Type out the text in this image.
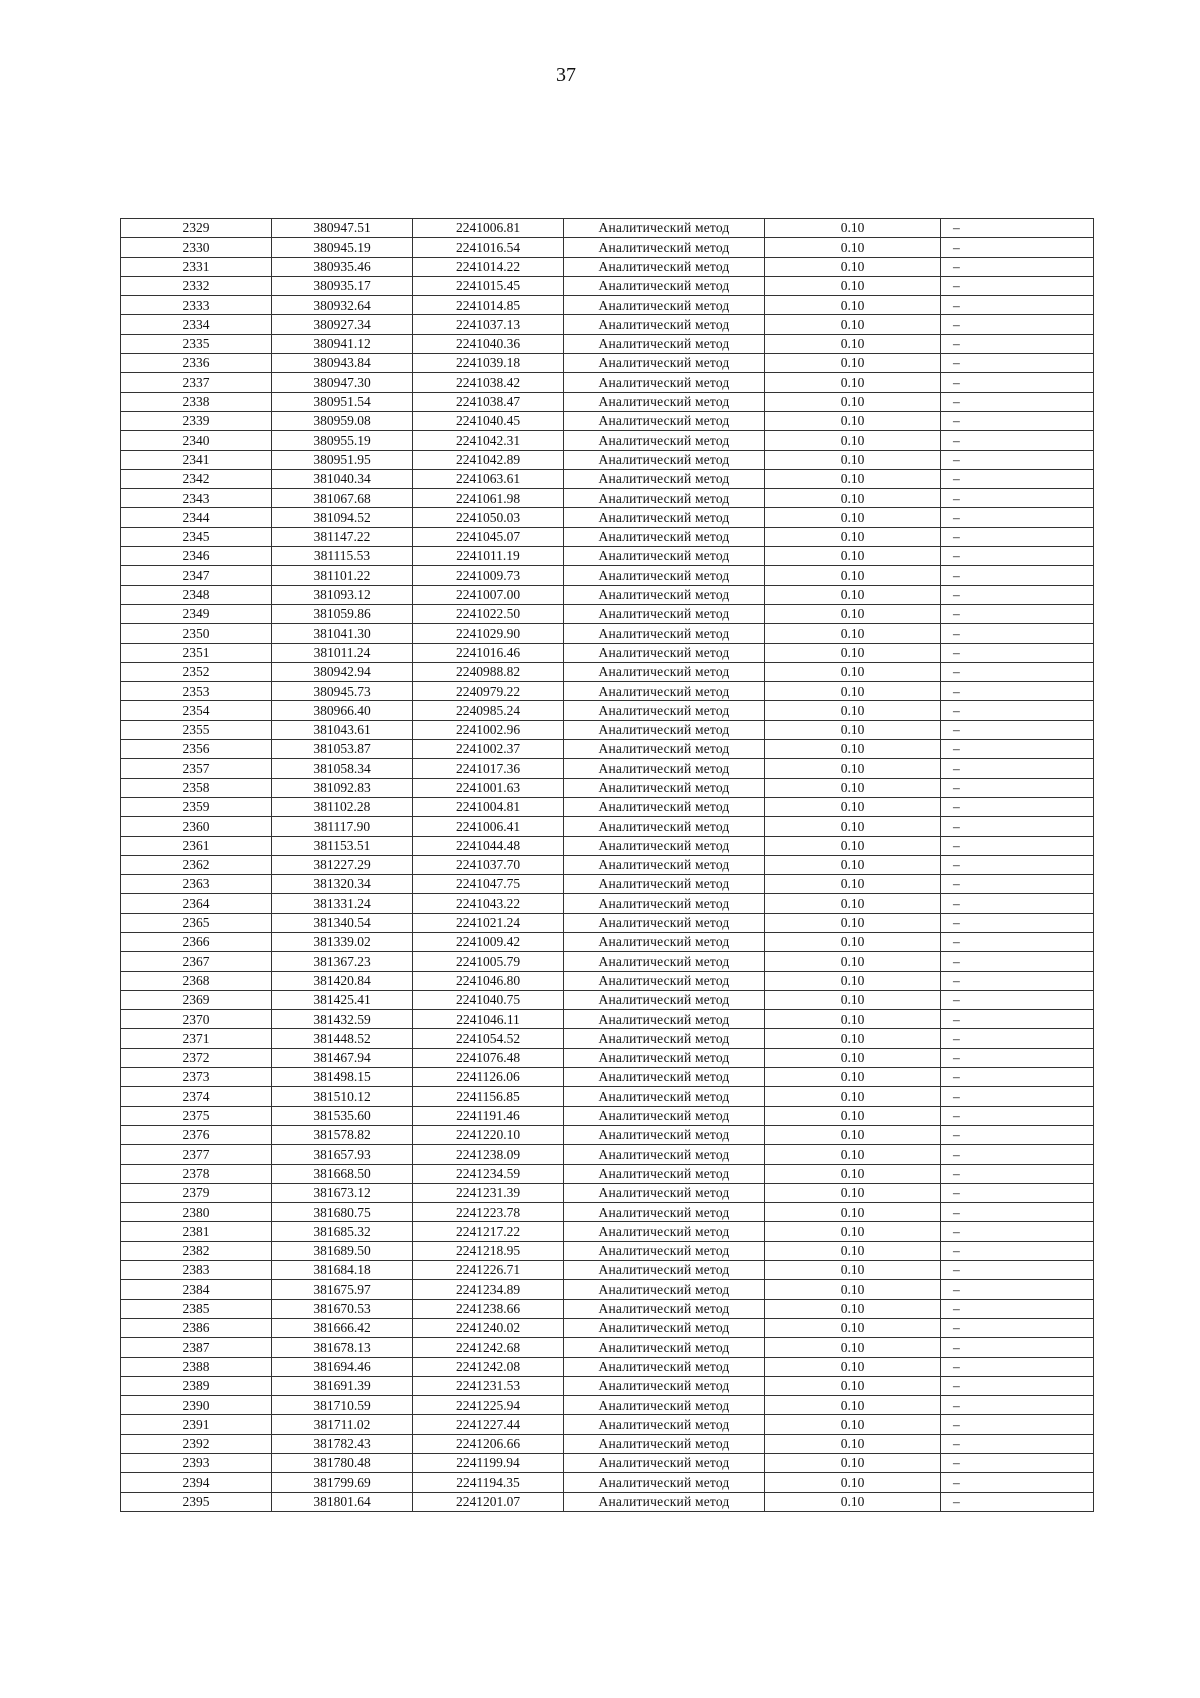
37
2329	380947.51	2241006.81	Аналитический метод	0.10	–
2330	380945.19	2241016.54	Аналитический метод	0.10	–
2331	380935.46	2241014.22	Аналитический метод	0.10	–
2332	380935.17	2241015.45	Аналитический метод	0.10	–
2333	380932.64	2241014.85	Аналитический метод	0.10	–
2334	380927.34	2241037.13	Аналитический метод	0.10	–
2335	380941.12	2241040.36	Аналитический метод	0.10	–
2336	380943.84	2241039.18	Аналитический метод	0.10	–
2337	380947.30	2241038.42	Аналитический метод	0.10	–
2338	380951.54	2241038.47	Аналитический метод	0.10	–
2339	380959.08	2241040.45	Аналитический метод	0.10	–
2340	380955.19	2241042.31	Аналитический метод	0.10	–
2341	380951.95	2241042.89	Аналитический метод	0.10	–
2342	381040.34	2241063.61	Аналитический метод	0.10	–
2343	381067.68	2241061.98	Аналитический метод	0.10	–
2344	381094.52	2241050.03	Аналитический метод	0.10	–
2345	381147.22	2241045.07	Аналитический метод	0.10	–
2346	381115.53	2241011.19	Аналитический метод	0.10	–
2347	381101.22	2241009.73	Аналитический метод	0.10	–
2348	381093.12	2241007.00	Аналитический метод	0.10	–
2349	381059.86	2241022.50	Аналитический метод	0.10	–
2350	381041.30	2241029.90	Аналитический метод	0.10	–
2351	381011.24	2241016.46	Аналитический метод	0.10	–
2352	380942.94	2240988.82	Аналитический метод	0.10	–
2353	380945.73	2240979.22	Аналитический метод	0.10	–
2354	380966.40	2240985.24	Аналитический метод	0.10	–
2355	381043.61	2241002.96	Аналитический метод	0.10	–
2356	381053.87	2241002.37	Аналитический метод	0.10	–
2357	381058.34	2241017.36	Аналитический метод	0.10	–
2358	381092.83	2241001.63	Аналитический метод	0.10	–
2359	381102.28	2241004.81	Аналитический метод	0.10	–
2360	381117.90	2241006.41	Аналитический метод	0.10	–
2361	381153.51	2241044.48	Аналитический метод	0.10	–
2362	381227.29	2241037.70	Аналитический метод	0.10	–
2363	381320.34	2241047.75	Аналитический метод	0.10	–
2364	381331.24	2241043.22	Аналитический метод	0.10	–
2365	381340.54	2241021.24	Аналитический метод	0.10	–
2366	381339.02	2241009.42	Аналитический метод	0.10	–
2367	381367.23	2241005.79	Аналитический метод	0.10	–
2368	381420.84	2241046.80	Аналитический метод	0.10	–
2369	381425.41	2241040.75	Аналитический метод	0.10	–
2370	381432.59	2241046.11	Аналитический метод	0.10	–
2371	381448.52	2241054.52	Аналитический метод	0.10	–
2372	381467.94	2241076.48	Аналитический метод	0.10	–
2373	381498.15	2241126.06	Аналитический метод	0.10	–
2374	381510.12	2241156.85	Аналитический метод	0.10	–
2375	381535.60	2241191.46	Аналитический метод	0.10	–
2376	381578.82	2241220.10	Аналитический метод	0.10	–
2377	381657.93	2241238.09	Аналитический метод	0.10	–
2378	381668.50	2241234.59	Аналитический метод	0.10	–
2379	381673.12	2241231.39	Аналитический метод	0.10	–
2380	381680.75	2241223.78	Аналитический метод	0.10	–
2381	381685.32	2241217.22	Аналитический метод	0.10	–
2382	381689.50	2241218.95	Аналитический метод	0.10	–
2383	381684.18	2241226.71	Аналитический метод	0.10	–
2384	381675.97	2241234.89	Аналитический метод	0.10	–
2385	381670.53	2241238.66	Аналитический метод	0.10	–
2386	381666.42	2241240.02	Аналитический метод	0.10	–
2387	381678.13	2241242.68	Аналитический метод	0.10	–
2388	381694.46	2241242.08	Аналитический метод	0.10	–
2389	381691.39	2241231.53	Аналитический метод	0.10	–
2390	381710.59	2241225.94	Аналитический метод	0.10	–
2391	381711.02	2241227.44	Аналитический метод	0.10	–
2392	381782.43	2241206.66	Аналитический метод	0.10	–
2393	381780.48	2241199.94	Аналитический метод	0.10	–
2394	381799.69	2241194.35	Аналитический метод	0.10	–
2395	381801.64	2241201.07	Аналитический метод	0.10	–
